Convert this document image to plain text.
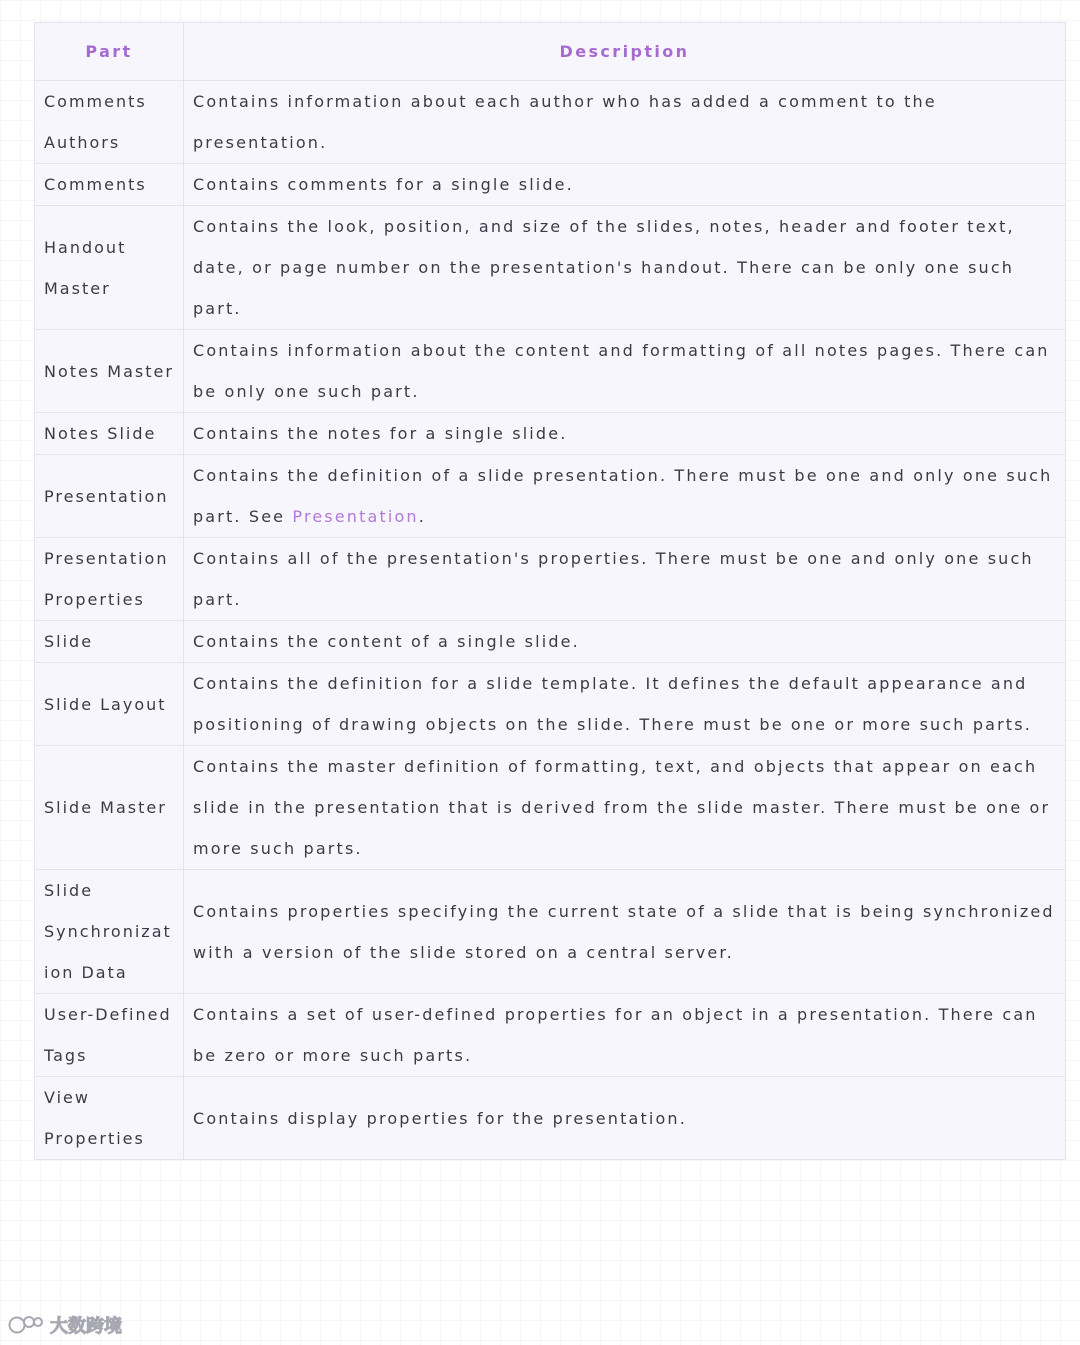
Part	Description
Comments Authors	Contains information about each author who has added a comment to the presentation.
Comments	Contains comments for a single slide.
Handout Master	Contains the look, position, and size of the slides, notes, header and footer text, date, or page number on the presentation's handout. There can be only one such part.
Notes Master	Contains information about the content and formatting of all notes pages. There can be only one such part.
Notes Slide	Contains the notes for a single slide.
Presentation	Contains the definition of a slide presentation. There must be one and only one such part. See Presentation.
Presentation Properties	Contains all of the presentation's properties. There must be one and only one such part.
Slide	Contains the content of a single slide.
Slide Layout	Contains the definition for a slide template. It defines the default appearance and positioning of drawing objects on the slide. There must be one or more such parts.
Slide Master	Contains the master definition of formatting, text, and objects that appear on each slide in the presentation that is derived from the slide master. There must be one or more such parts.
Slide Synchronization Data	Contains properties specifying the current state of a slide that is being synchronized with a version of the slide stored on a central server.
User-Defined Tags	Contains a set of user-defined properties for an object in a presentation. There can be zero or more such parts.
View Properties	Contains display properties for the presentation.
大数跨境
